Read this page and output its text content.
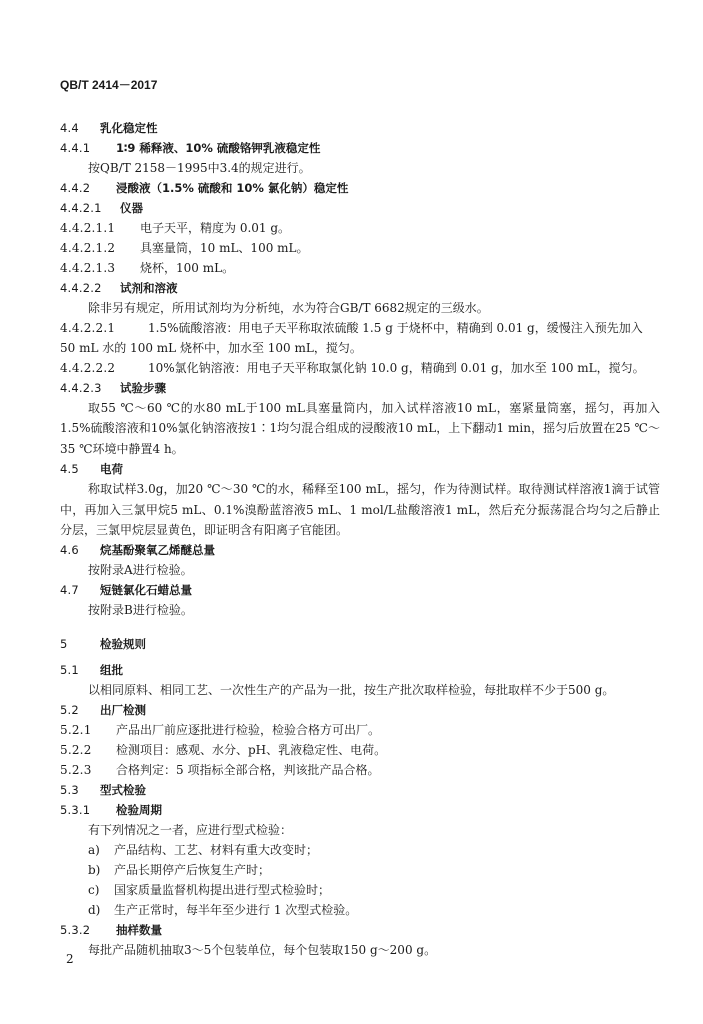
QB/T 2414－2017
4.4 乳化稳定性
4.4.1 1∶9 稀释液、10% 硫酸铬钾乳液稳定性
按QB/T 2158－1995中3.4的规定进行。
4.4.2 浸酸液（1.5% 硫酸和 10% 氯化钠）稳定性
4.4.2.1 仪器
4.4.2.1.1 电子天平，精度为 0.01 g。
4.4.2.1.2 具塞量筒，10 mL、100 mL。
4.4.2.1.3 烧杯，100 mL。
4.4.2.2 试剂和溶液
除非另有规定，所用试剂均为分析纯，水为符合GB/T 6682规定的三级水。
4.4.2.2.1	1.5%硫酸溶液：用电子天平称取浓硫酸 1.5 g 于烧杯中，精确到 0.01 g，缓慢注入预先加入
50 mL 水的 100 mL 烧杯中，加水至 100 mL，搅匀。
4.4.2.2.2	10%氯化钠溶液：用电子天平称取氯化钠 10.0 g，精确到 0.01 g，加水至 100 mL，搅匀。
4.4.2.3 试验步骤
取55 ℃～60 ℃的水80 mL于100 mL具塞量筒内，加入试样溶液10 mL，塞紧量筒塞，摇匀，再加入1.5%硫酸溶液和10%氯化钠溶液按1∶1均匀混合组成的浸酸液10 mL，上下翻动1 min，摇匀后放置在25 ℃～35 ℃环境中静置4 h。
4.5 电荷
称取试样3.0g，加20 ℃～30 ℃的水，稀释至100 mL，摇匀，作为待测试样。取待测试样溶液1滴于试管中，再加入三氯甲烷5 mL、0.1%溴酚蓝溶液5 mL、1 mol/L盐酸溶液1 mL，然后充分振荡混合均匀之后静止分层，三氯甲烷层显黄色，即证明含有阳离子官能团。
4.6 烷基酚聚氧乙烯醚总量
按附录A进行检验。
4.7 短链氯化石蜡总量
按附录B进行检验。
5	检验规则
5.1 组批
以相同原料、相同工艺、一次性生产的产品为一批，按生产批次取样检验，每批取样不少于500 g。
5.2 出厂检测
5.2.1 产品出厂前应逐批进行检验，检验合格方可出厂。
5.2.2 检测项目：感观、水分、pH、乳液稳定性、电荷。
5.2.3 合格判定：5 项指标全部合格，判该批产品合格。
5.3 型式检验
5.3.1 检验周期
有下列情况之一者，应进行型式检验：
a) 产品结构、工艺、材料有重大改变时；
b) 产品长期停产后恢复生产时；
c) 国家质量监督机构提出进行型式检验时；
d) 生产正常时，每半年至少进行 1 次型式检验。
5.3.2 抽样数量
每批产品随机抽取3～5个包装单位，每个包装取150 g～200 g。
2
